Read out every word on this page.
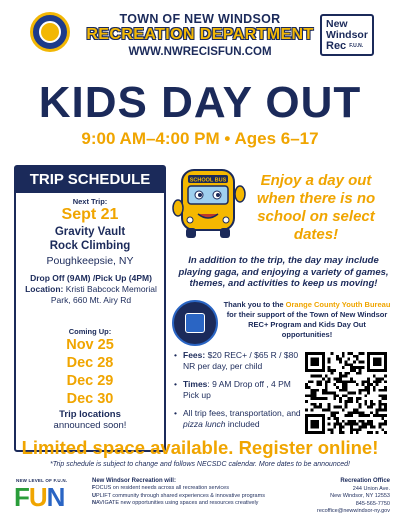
TOWN OF NEW WINDSOR
RECREATION DEPARTMENT
WWW.NWRECISFUN.COM
New
Windsor
Rec F.U.N.
KIDS DAY OUT
9:00 AM–4:00 PM • Ages 6–17
TRIP SCHEDULE
Next Trip:
Sept 21
Gravity Vault
Rock Climbing
Poughkeepsie, NY
Drop Off (9AM) /Pick Up (4PM) Location: Kristi Babcock Memorial Park, 660 Mt. Airy Rd
Coming Up:
Nov 25
Dec 28
Dec 29
Dec 30
Trip locations
announced soon!
SCHOOL BUS	Enjoy a day out when there is no school on select dates!
In addition to the trip, the day may include playing gaga, and enjoying a variety of games, themes, and activities to keep us moving!
Thank you to the Orange County Youth Bureau for their support of the Town of New Windsor REC+ Program and Kids Day Out opportunities!
• Fees: $20 REC+ / $65 R / $80 NR per day, per child
• Times: 9 AM Drop off , 4 PM Pick up
• All trip fees, transportation, and pizza lunch included
Limited space available. Register online!
*Trip schedule is subject to change and follows NECSDC calendar. More dates to be announced!
NEW LEVEL OF F.U.N.
FUN
New Windsor Recreation will:
FOCUS on resident needs across all recreation services
UPLIFT community through shared experiences & innovative programs
NAVIGATE new opportunities using spaces and resources creatively
Recreation Office
244 Union Ave.
New Windsor, NY 12553
845-565-7750
recoffice@newwindsor-ny.gov
